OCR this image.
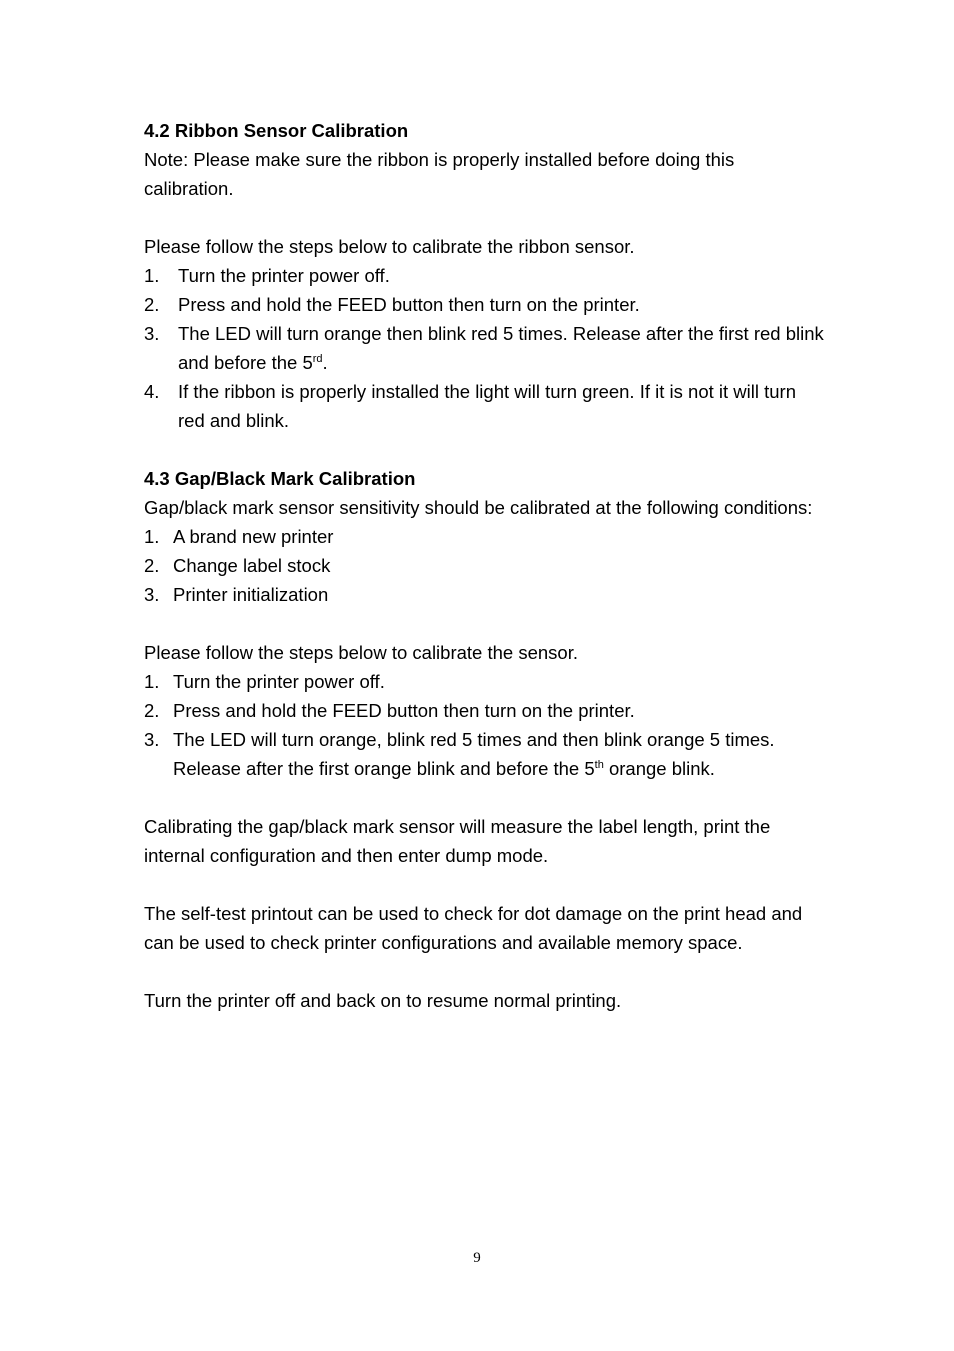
4.2 Ribbon Sensor Calibration

Note: Please make sure the ribbon is properly installed before doing this calibration.

Please follow the steps below to calibrate the ribbon sensor.

1. Turn the printer power off.
2. Press and hold the FEED button then turn on the printer.
3. The LED will turn orange then blink red 5 times. Release after the first red blink and before the 5rd.
4. If the ribbon is properly installed the light will turn green. If it is not it will turn red and blink.

4.3 Gap/Black Mark Calibration

Gap/black mark sensor sensitivity should be calibrated at the following conditions:

1. A brand new printer
2. Change label stock
3. Printer initialization

Please follow the steps below to calibrate the sensor.

1. Turn the printer power off.
2. Press and hold the FEED button then turn on the printer.
3. The LED will turn orange, blink red 5 times and then blink orange 5 times. Release after the first orange blink and before the 5th orange blink.

Calibrating the gap/black mark sensor will measure the label length, print the internal configuration and then enter dump mode.

The self-test printout can be used to check for dot damage on the print head and can be used to check printer configurations and available memory space.

Turn the printer off and back on to resume normal printing.

9
